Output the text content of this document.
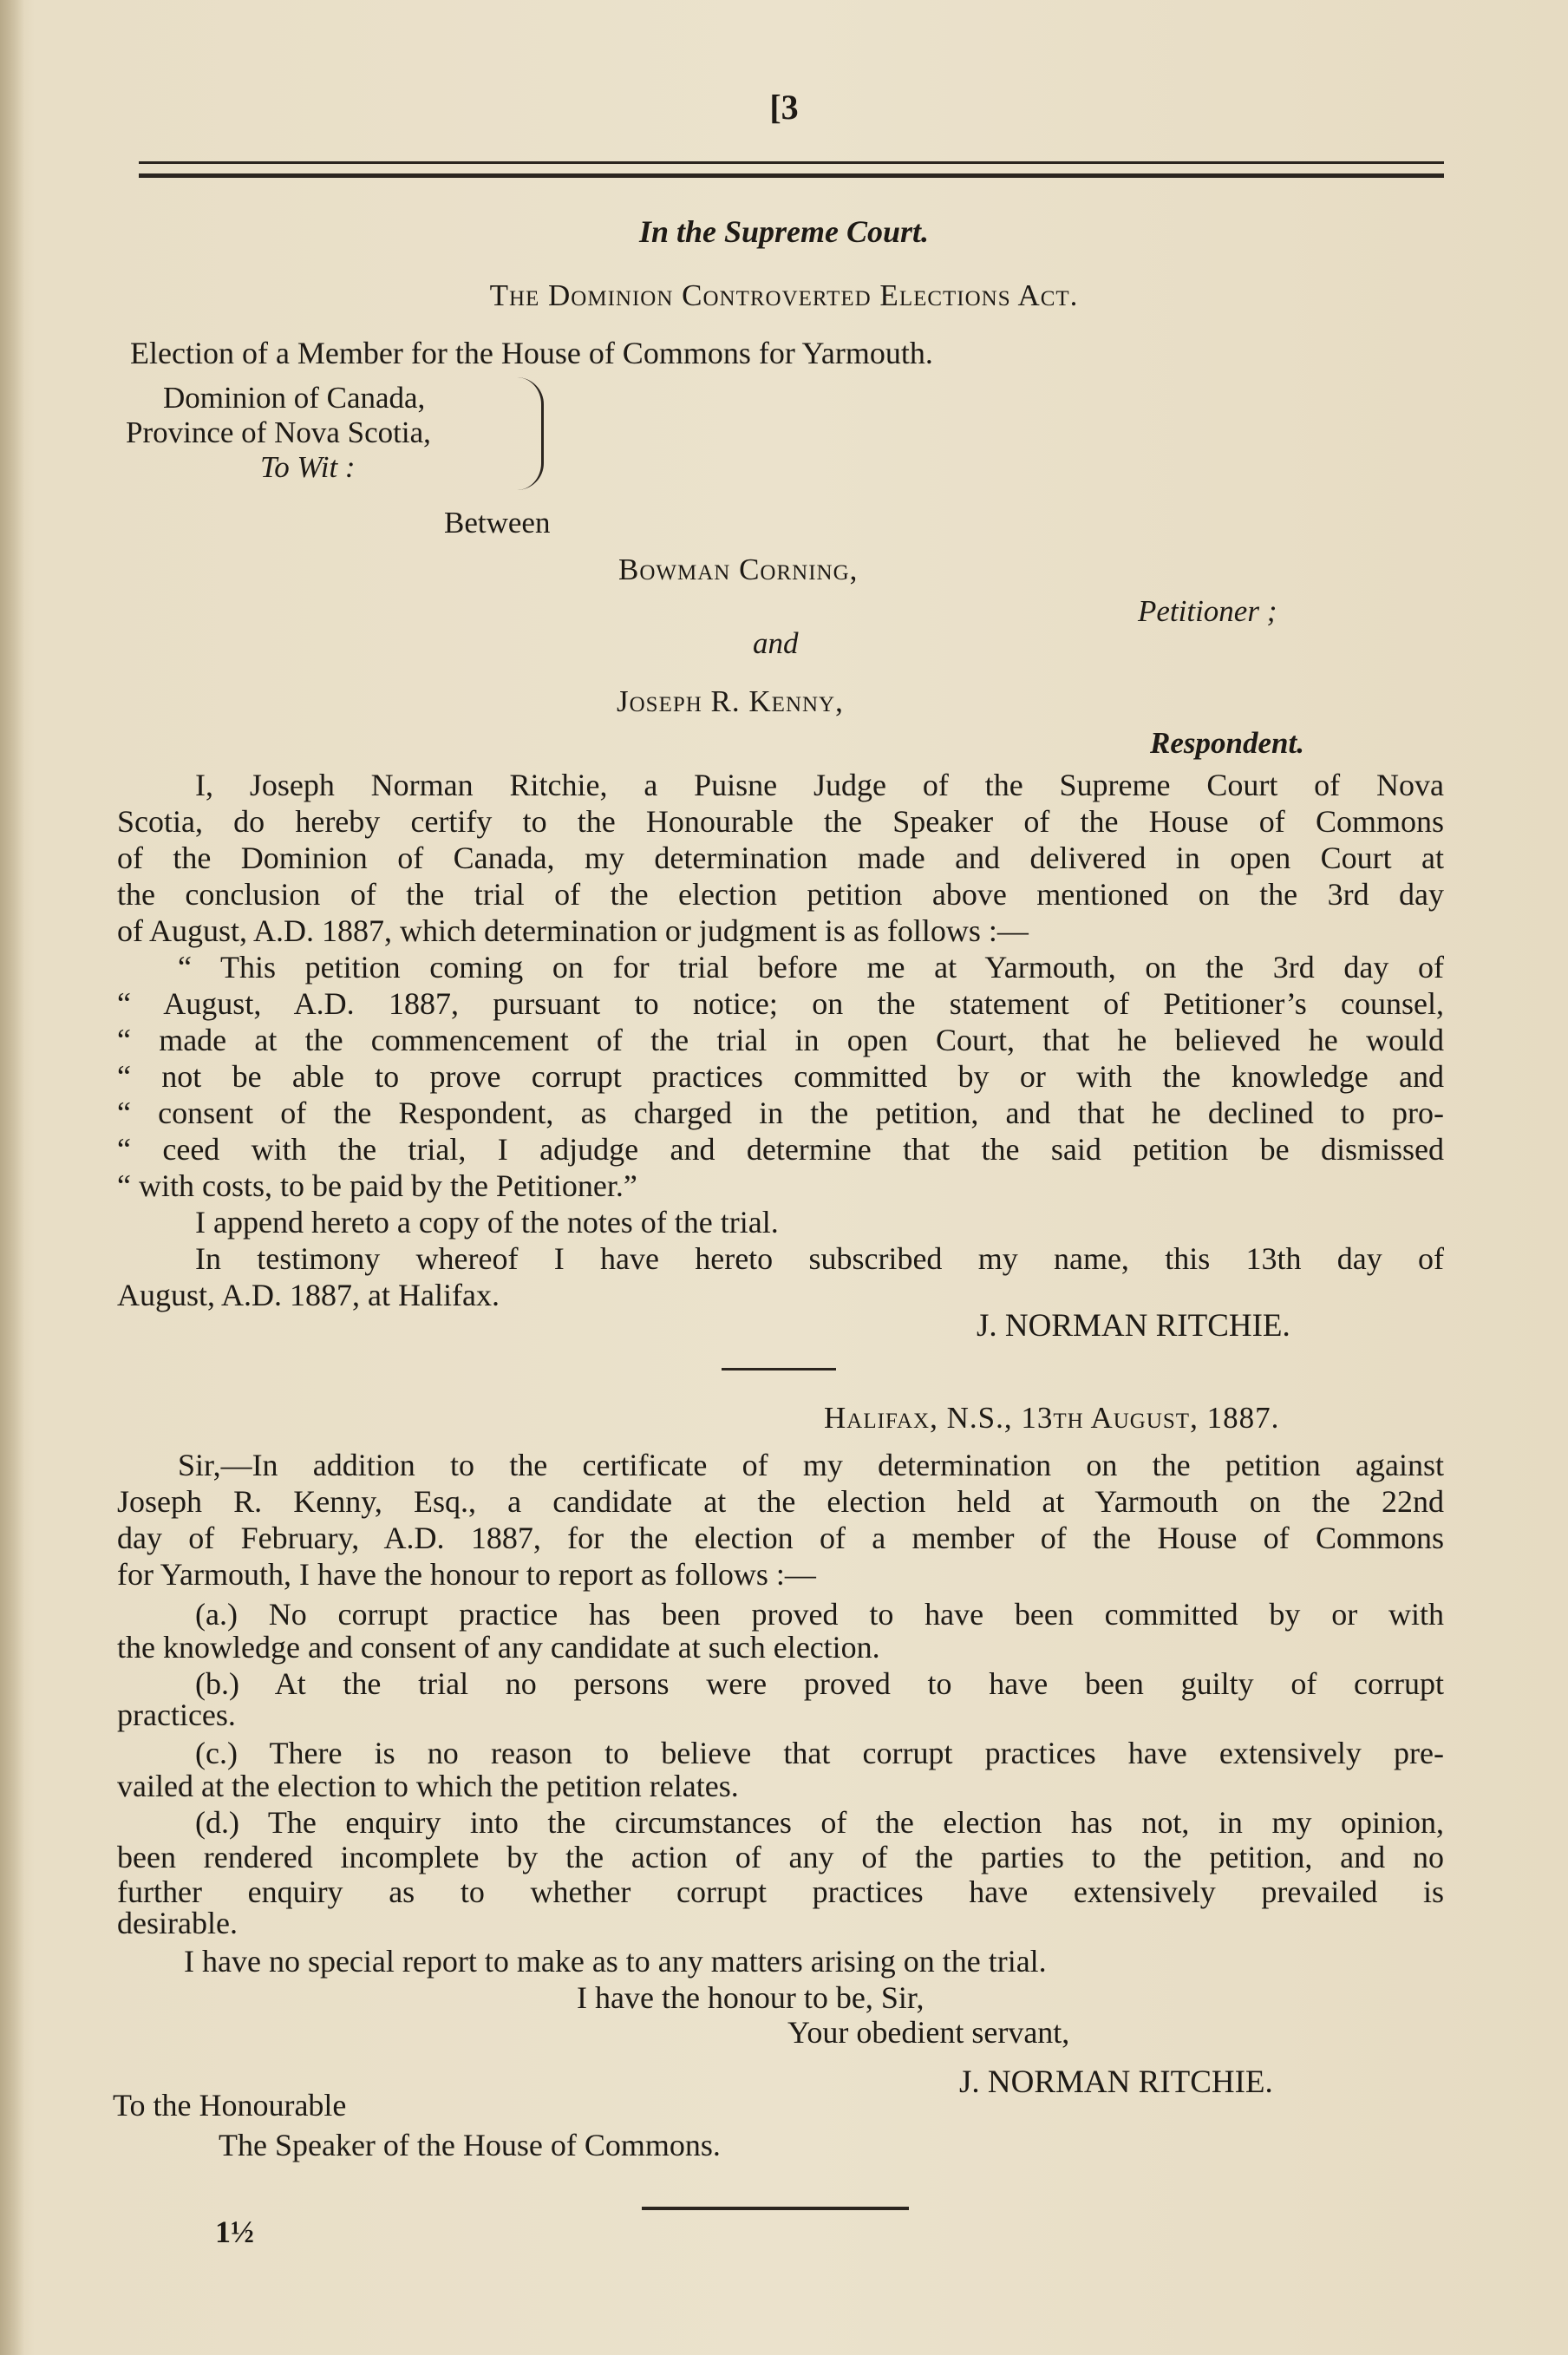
[3
In the Supreme Court.
The Dominion Controverted Elections Act.
Election of a Member for the House of Commons for Yarmouth.
Dominion of Canada,
Province of Nova Scotia,
To Wit :
Between
Bowman Corning,
Petitioner ;
and
Joseph R. Kenny,
Respondent.
I, Joseph Norman Ritchie, a Puisne Judge of the Supreme Court of Nova
Scotia, do hereby certify to the Honourable the Speaker of the House of Commons
of the Dominion of Canada, my determination made and delivered in open Court at
the conclusion of the trial of the election petition above mentioned on the 3rd day
of August, A.D. 1887, which determination or judgment is as follows :—
“ This petition coming on for trial before me at Yarmouth, on the 3rd day of
“ August, A.D. 1887, pursuant to notice; on the statement of Petitioner’s counsel,
“ made at the commencement of the trial in open Court, that he believed he would
“ not be able to prove corrupt practices committed by or with the knowledge and
“ consent of the Respondent, as charged in the petition, and that he declined to pro-
“ ceed with the trial, I adjudge and determine that the said petition be dismissed
“ with costs, to be paid by the Petitioner.”
I append hereto a copy of the notes of the trial.
In testimony whereof I have hereto subscribed my name, this 13th day of
August, A.D. 1887, at Halifax.
J. NORMAN RITCHIE.
Halifax, N.S., 13th August, 1887.
Sir,—In addition to the certificate of my determination on the petition against
Joseph R. Kenny, Esq., a candidate at the election held at Yarmouth on the 22nd
day of February, A.D. 1887, for the election of a member of the House of Commons
for Yarmouth, I have the honour to report as follows :—
(a.) No corrupt practice has been proved to have been committed by or with
the knowledge and consent of any candidate at such election.
(b.) At the trial no persons were proved to have been guilty of corrupt
practices.
(c.) There is no reason to believe that corrupt practices have extensively pre-
vailed at the election to which the petition relates.
(d.) The enquiry into the circumstances of the election has not, in my opinion,
been rendered incomplete by the action of any of the parties to the petition, and no
further enquiry as to whether corrupt practices have extensively prevailed is
desirable.
I have no special report to make as to any matters arising on the trial.
I have the honour to be, Sir,
Your obedient servant,
J. NORMAN RITCHIE.
To the Honourable
The Speaker of the House of Commons.
1½
